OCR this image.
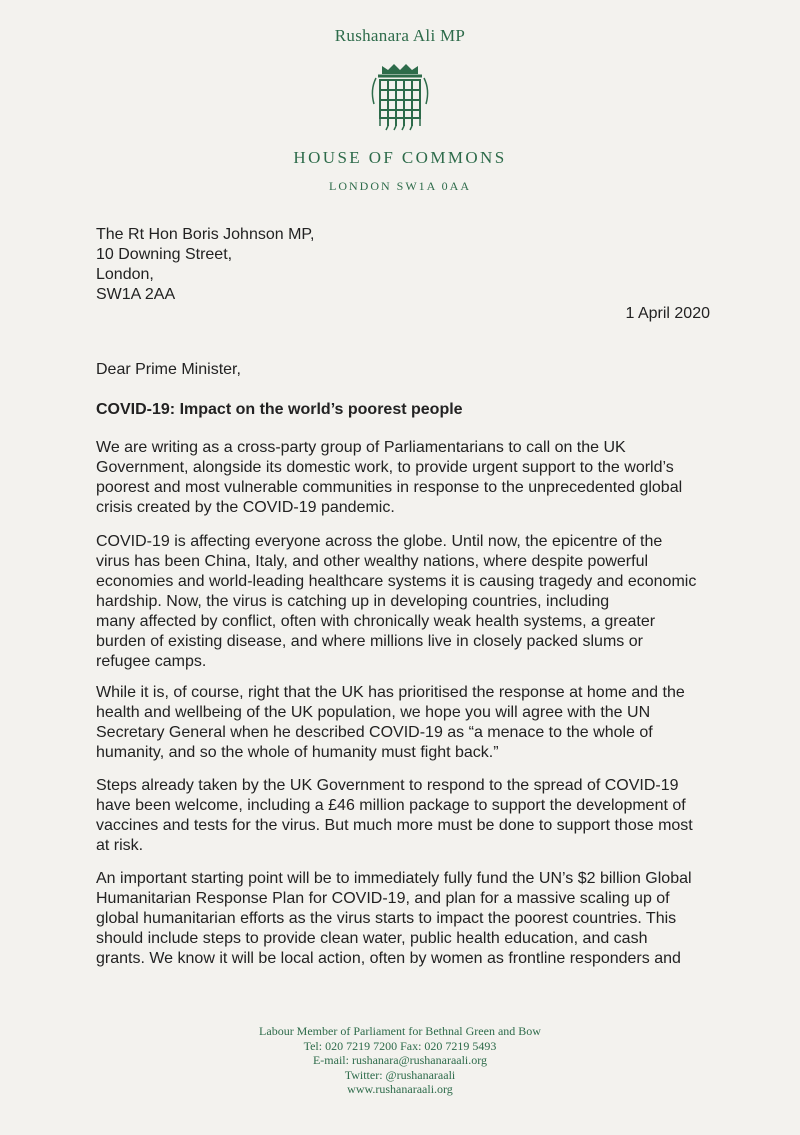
Rushanara Ali MP
HOUSE OF COMMONS
LONDON SW1A 0AA
The Rt Hon Boris Johnson MP,
10 Downing Street,
London,
SW1A 2AA
1 April 2020
Dear Prime Minister,
COVID-19: Impact on the world’s poorest people
We are writing as a cross-party group of Parliamentarians to call on the UK
Government, alongside its domestic work, to provide urgent support to the world’s
poorest and most vulnerable communities in response to the unprecedented global
crisis created by the COVID-19 pandemic.
COVID-19 is affecting everyone across the globe. Until now, the epicentre of the
virus has been China, Italy, and other wealthy nations, where despite powerful
economies and world-leading healthcare systems it is causing tragedy and economic
hardship. Now, the virus is catching up in developing countries, including
many affected by conflict, often with chronically weak health systems, a greater
burden of existing disease, and where millions live in closely packed slums or
refugee camps.
While it is, of course, right that the UK has prioritised the response at home and the
health and wellbeing of the UK population, we hope you will agree with the UN
Secretary General when he described COVID-19 as “a menace to the whole of
humanity, and so the whole of humanity must fight back.”
Steps already taken by the UK Government to respond to the spread of COVID-19
have been welcome, including a £46 million package to support the development of
vaccines and tests for the virus. But much more must be done to support those most
at risk.
An important starting point will be to immediately fully fund the UN’s $2 billion Global
Humanitarian Response Plan for COVID-19, and plan for a massive scaling up of
global humanitarian efforts as the virus starts to impact the poorest countries. This
should include steps to provide clean water, public health education, and cash
grants. We know it will be local action, often by women as frontline responders and
Labour Member of Parliament for Bethnal Green and Bow
Tel: 020 7219 7200 Fax: 020 7219 5493
E-mail: rushanara@rushanaraali.org
Twitter: @rushanaraali
www.rushanaraali.org
